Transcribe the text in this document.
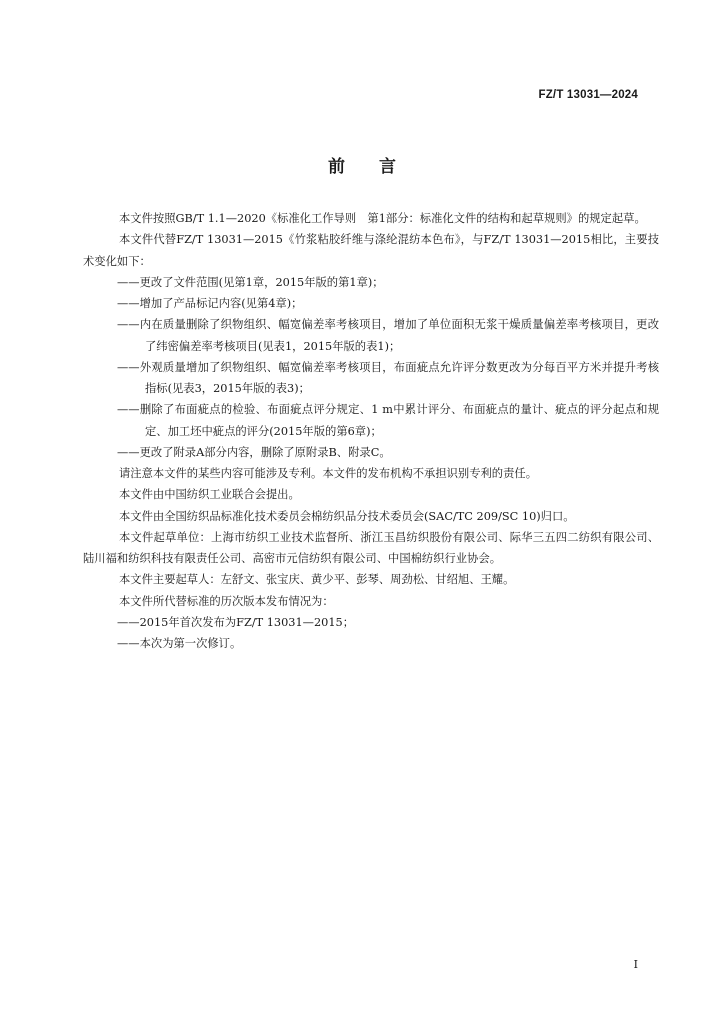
FZ/T 13031—2024
前言

本文件按照GB/T 1.1—2020《标准化工作导则　第1部分：标准化文件的结构和起草规则》的规定起草。

本文件代替FZ/T 13031—2015《竹浆粘胶纤维与涤纶混纺本色布》，与FZ/T 13031—2015相比，主要技术变化如下：

——更改了文件范围(见第1章，2015年版的第1章)；

——增加了产品标记内容(见第4章)；

——内在质量删除了织物组织、幅宽偏差率考核项目，增加了单位面积无浆干燥质量偏差率考核项目，更改了纬密偏差率考核项目(见表1，2015年版的表1)；

——外观质量增加了织物组织、幅宽偏差率考核项目，布面疵点允许评分数更改为分每百平方米并提升考核指标(见表3，2015年版的表3)；

——删除了布面疵点的检验、布面疵点评分规定、1 m中累计评分、布面疵点的量计、疵点的评分起点和规定、加工坯中疵点的评分(2015年版的第6章)；

——更改了附录A部分内容，删除了原附录B、附录C。

请注意本文件的某些内容可能涉及专利。本文件的发布机构不承担识别专利的责任。

本文件由中国纺织工业联合会提出。

本文件由全国纺织品标准化技术委员会棉纺织品分技术委员会(SAC/TC 209/SC 10)归口。

本文件起草单位：上海市纺织工业技术监督所、浙江玉昌纺织股份有限公司、际华三五四二纺织有限公司、陆川福和纺织科技有限责任公司、高密市元信纺织有限公司、中国棉纺织行业协会。

本文件主要起草人：左舒文、张宝庆、黄少平、彭琴、周劲松、甘绍旭、王耀。

本文件所代替标准的历次版本发布情况为：

——2015年首次发布为FZ/T 13031—2015；

——本次为第一次修订。

I
